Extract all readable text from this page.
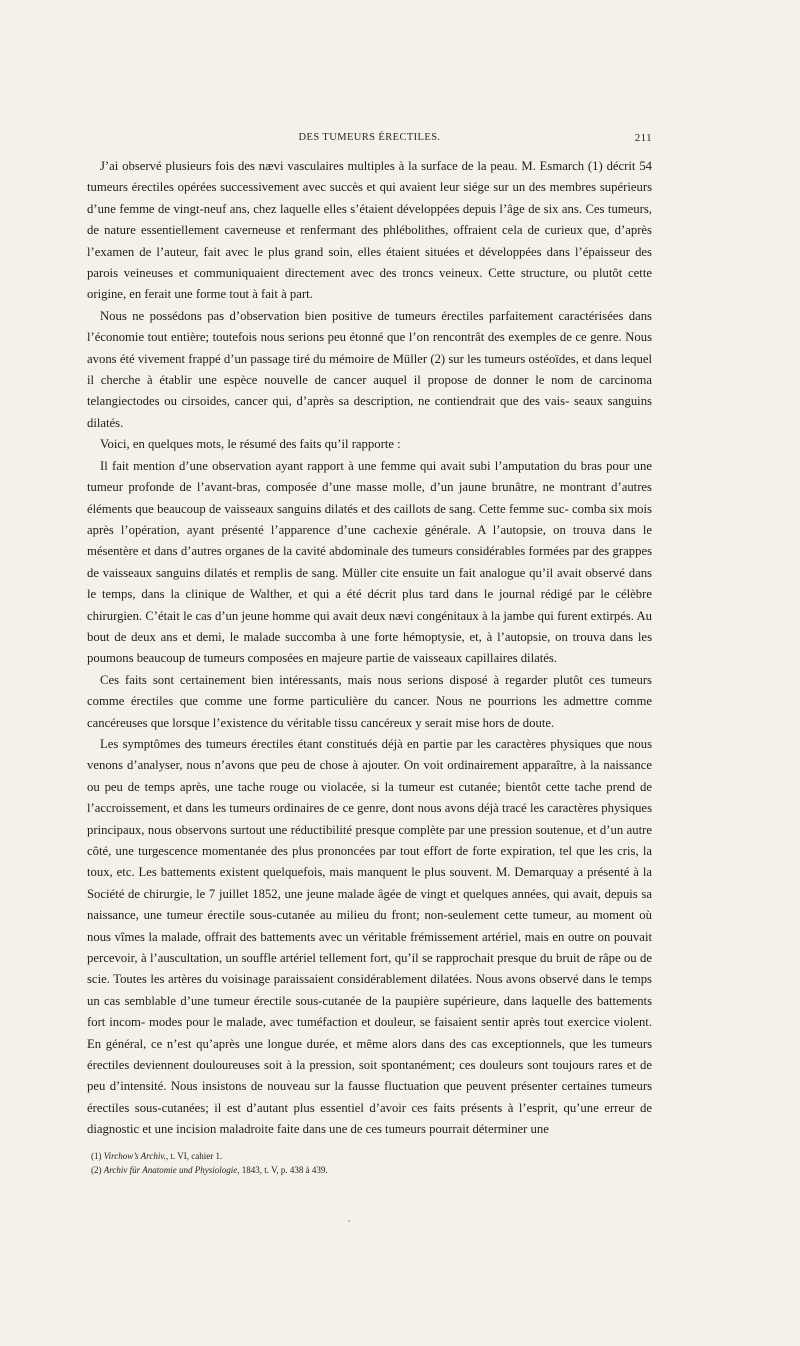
DES TUMEURS ÉRECTILES.	211

J’ai observé plusieurs fois des nævi vasculaires multiples à la surface de la peau. M. Esmarch (1) décrit 54 tumeurs érectiles opérées successivement avec succès et qui avaient leur siége sur un des membres supérieurs d’une femme de vingt-neuf ans, chez laquelle elles s’étaient développées depuis l’âge de six ans. Ces tumeurs, de nature essentiellement caverneuse et renfermant des phlébolithes, offraient cela de curieux que, d’après l’examen de l’auteur, fait avec le plus grand soin, elles étaient situées et développées dans l’épaisseur des parois veineuses et communiquaient directement avec des troncs veineux. Cette structure, ou plutôt cette origine, en ferait une forme tout à fait à part.

Nous ne possédons pas d’observation bien positive de tumeurs érectiles parfaitement caractérisées dans l’économie tout entière; toutefois nous serions peu étonné que l’on rencontrât des exemples de ce genre. Nous avons été vivement frappé d’un passage tiré du mémoire de Müller (2) sur les tumeurs ostéoïdes, et dans lequel il cherche à établir une espèce nouvelle de cancer auquel il propose de donner le nom de carcinoma telangiectodes ou cirsoides, cancer qui, d’après sa description, ne contiendrait que des vais- seaux sanguins dilatés.

Voici, en quelques mots, le résumé des faits qu’il rapporte :

Il fait mention d’une observation ayant rapport à une femme qui avait subi l’amputation du bras pour une tumeur profonde de l’avant-bras, composée d’une masse molle, d’un jaune brunâtre, ne montrant d’autres éléments que beaucoup de vaisseaux sanguins dilatés et des caillots de sang. Cette femme suc- comba six mois après l’opération, ayant présenté l’apparence d’une cachexie générale. A l’autopsie, on trouva dans le mésentère et dans d’autres organes de la cavité abdominale des tumeurs considérables formées par des grappes de vaisseaux sanguins dilatés et remplis de sang. Müller cite ensuite un fait analogue qu’il avait observé dans le temps, dans la clinique de Walther, et qui a été décrit plus tard dans le journal rédigé par le célèbre chirurgien. C’était le cas d’un jeune homme qui avait deux nævi congénitaux à la jambe qui furent extirpés. Au bout de deux ans et demi, le malade succomba à une forte hémoptysie, et, à l’autopsie, on trouva dans les poumons beaucoup de tumeurs composées en majeure partie de vaisseaux capillaires dilatés.

Ces faits sont certainement bien intéressants, mais nous serions disposé à regarder plutôt ces tumeurs comme érectiles que comme une forme particulière du cancer. Nous ne pourrions les admettre comme cancéreuses que lorsque l’existence du véritable tissu cancéreux y serait mise hors de doute.

Les symptômes des tumeurs érectiles étant constitués déjà en partie par les caractères physiques que nous venons d’analyser, nous n’avons que peu de chose à ajouter. On voit ordinairement apparaître, à la naissance ou peu de temps après, une tache rouge ou violacée, si la tumeur est cutanée; bientôt cette tache prend de l’accroissement, et dans les tumeurs ordinaires de ce genre, dont nous avons déjà tracé les caractères physiques principaux, nous observons surtout une réductibilité presque complète par une pression soutenue, et d’un autre côté, une turgescence momentanée des plus prononcées par tout effort de forte expiration, tel que les cris, la toux, etc. Les battements existent quelquefois, mais manquent le plus souvent. M. Demarquay a présenté à la Société de chirurgie, le 7 juillet 1852, une jeune malade âgée de vingt et quelques années, qui avait, depuis sa naissance, une tumeur érectile sous-cutanée au milieu du front; non-seulement cette tumeur, au moment où nous vîmes la malade, offrait des battements avec un véritable frémissement artériel, mais en outre on pouvait percevoir, à l’auscultation, un souffle artériel tellement fort, qu’il se rapprochait presque du bruit de râpe ou de scie. Toutes les artères du voisinage paraissaient considérablement dilatées. Nous avons observé dans le temps un cas semblable d’une tumeur érectile sous-cutanée de la paupière supérieure, dans laquelle des battements fort incom- modes pour le malade, avec tuméfaction et douleur, se faisaient sentir après tout exercice violent. En général, ce n’est qu’après une longue durée, et même alors dans des cas exceptionnels, que les tumeurs érectiles deviennent douloureuses soit à la pression, soit spontanément; ces douleurs sont toujours rares et de peu d’intensité. Nous insistons de nouveau sur la fausse fluctuation que peuvent présenter certaines tumeurs érectiles sous-cutanées; il est d’autant plus essentiel d’avoir ces faits présents à l’esprit, qu’une erreur de diagnostic et une incision maladroite faite dans une de ces tumeurs pourrait déterminer une

(1) Virchow’s Archiv., t. VI, cahier 1.

(2) Archiv für Anatomie und Physiologie, 1843, t. V, p. 438 à 439.
